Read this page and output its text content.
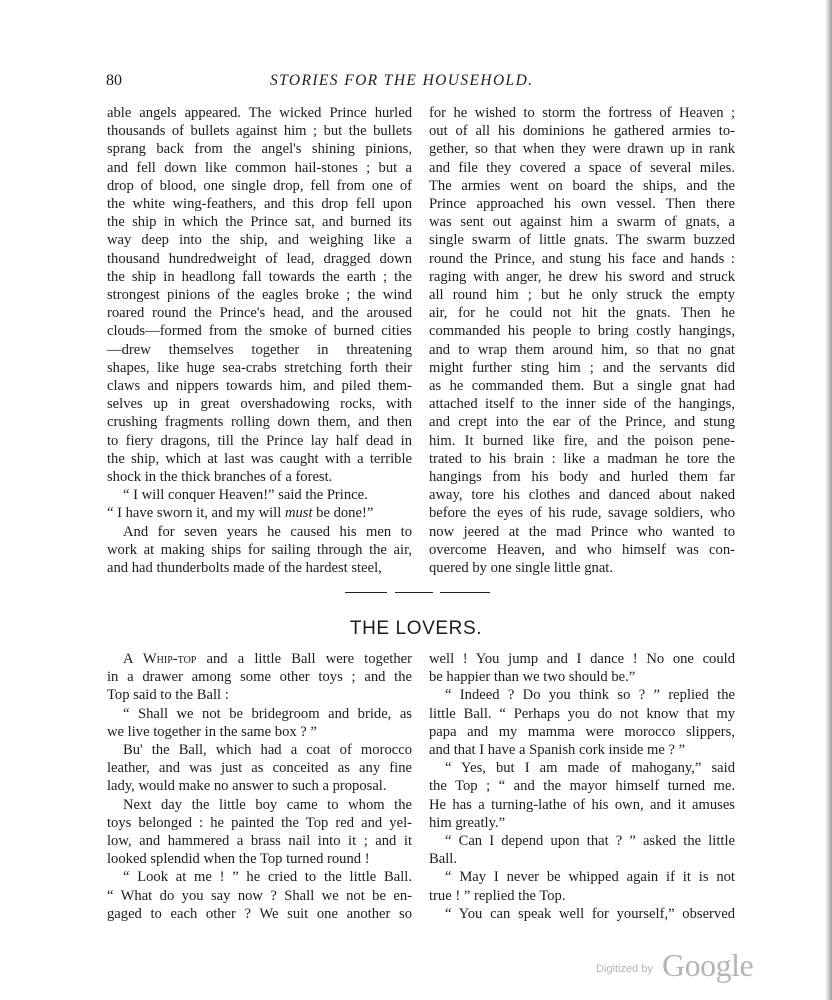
80	STORIES FOR THE HOUSEHOLD.

able angels appeared. The wicked Prince hurled

thousands of bullets against him ; but the bullets

sprang back from the angel's shining pinions,

and fell down like common hail-stones ; but a

drop of blood, one single drop, fell from one of

the white wing-feathers, and this drop fell upon

the ship in which the Prince sat, and burned its

way deep into the ship, and weighing like a

thousand hundredweight of lead, dragged down

the ship in headlong fall towards the earth ; the

strongest pinions of the eagles broke ; the wind

roared round the Prince's head, and the aroused

clouds—formed from the smoke of burned cities

—drew themselves together in threatening

shapes, like huge sea-crabs stretching forth their

claws and nippers towards him, and piled them-

selves up in great overshadowing rocks, with

crushing fragments rolling down them, and then

to fiery dragons, till the Prince lay half dead in

the ship, which at last was caught with a terrible

shock in the thick branches of a forest.

“ I will conquer Heaven!” said the Prince.

“ I have sworn it, and my will must be done!”

And for seven years he caused his men to

work at making ships for sailing through the air,

and had thunderbolts made of the hardest steel,

for he wished to storm the fortress of Heaven ;

out of all his dominions he gathered armies to-

gether, so that when they were drawn up in rank

and file they covered a space of several miles.

The armies went on board the ships, and the

Prince approached his own vessel. Then there

was sent out against him a swarm of gnats, a

single swarm of little gnats. The swarm buzzed

round the Prince, and stung his face and hands :

raging with anger, he drew his sword and struck

all round him ; but he only struck the empty

air, for he could not hit the gnats. Then he

commanded his people to bring costly hangings,

and to wrap them around him, so that no gnat

might further sting him ; and the servants did

as he commanded them. But a single gnat had

attached itself to the inner side of the hangings,

and crept into the ear of the Prince, and stung

him. It burned like fire, and the poison pene-

trated to his brain : like a madman he tore the

hangings from his body and hurled them far

away, tore his clothes and danced about naked

before the eyes of his rude, savage soldiers, who

now jeered at the mad Prince who wanted to

overcome Heaven, and who himself was con-

quered by one single little gnat.

THE LOVERS.

A Whip-top and a little Ball were together

in a drawer among some other toys ; and the

Top said to the Ball :

“ Shall we not be bridegroom and bride, as

we live together in the same box ? ”

Bu' the Ball, which had a coat of morocco

leather, and was just as conceited as any fine

lady, would make no answer to such a proposal.

Next day the little boy came to whom the

toys belonged : he painted the Top red and yel-

low, and hammered a brass nail into it ; and it

looked splendid when the Top turned round !

“ Look at me ! ” he cried to the little Ball.

“ What do you say now ? Shall we not be en-

gaged to each other ? We suit one another so

well ! You jump and I dance ! No one could

be happier than we two should be.”

“ Indeed ? Do you think so ? ” replied the

little Ball. “ Perhaps you do not know that my

papa and my mamma were morocco slippers,

and that I have a Spanish cork inside me ? ”

“ Yes, but I am made of mahogany,” said

the Top ; “ and the mayor himself turned me.

He has a turning-lathe of his own, and it amuses

him greatly.”

“ Can I depend upon that ? ” asked the little

Ball.

“ May I never be whipped again if it is not

true ! ” replied the Top.

“ You can speak well for yourself,” observed

Digitized by Google
